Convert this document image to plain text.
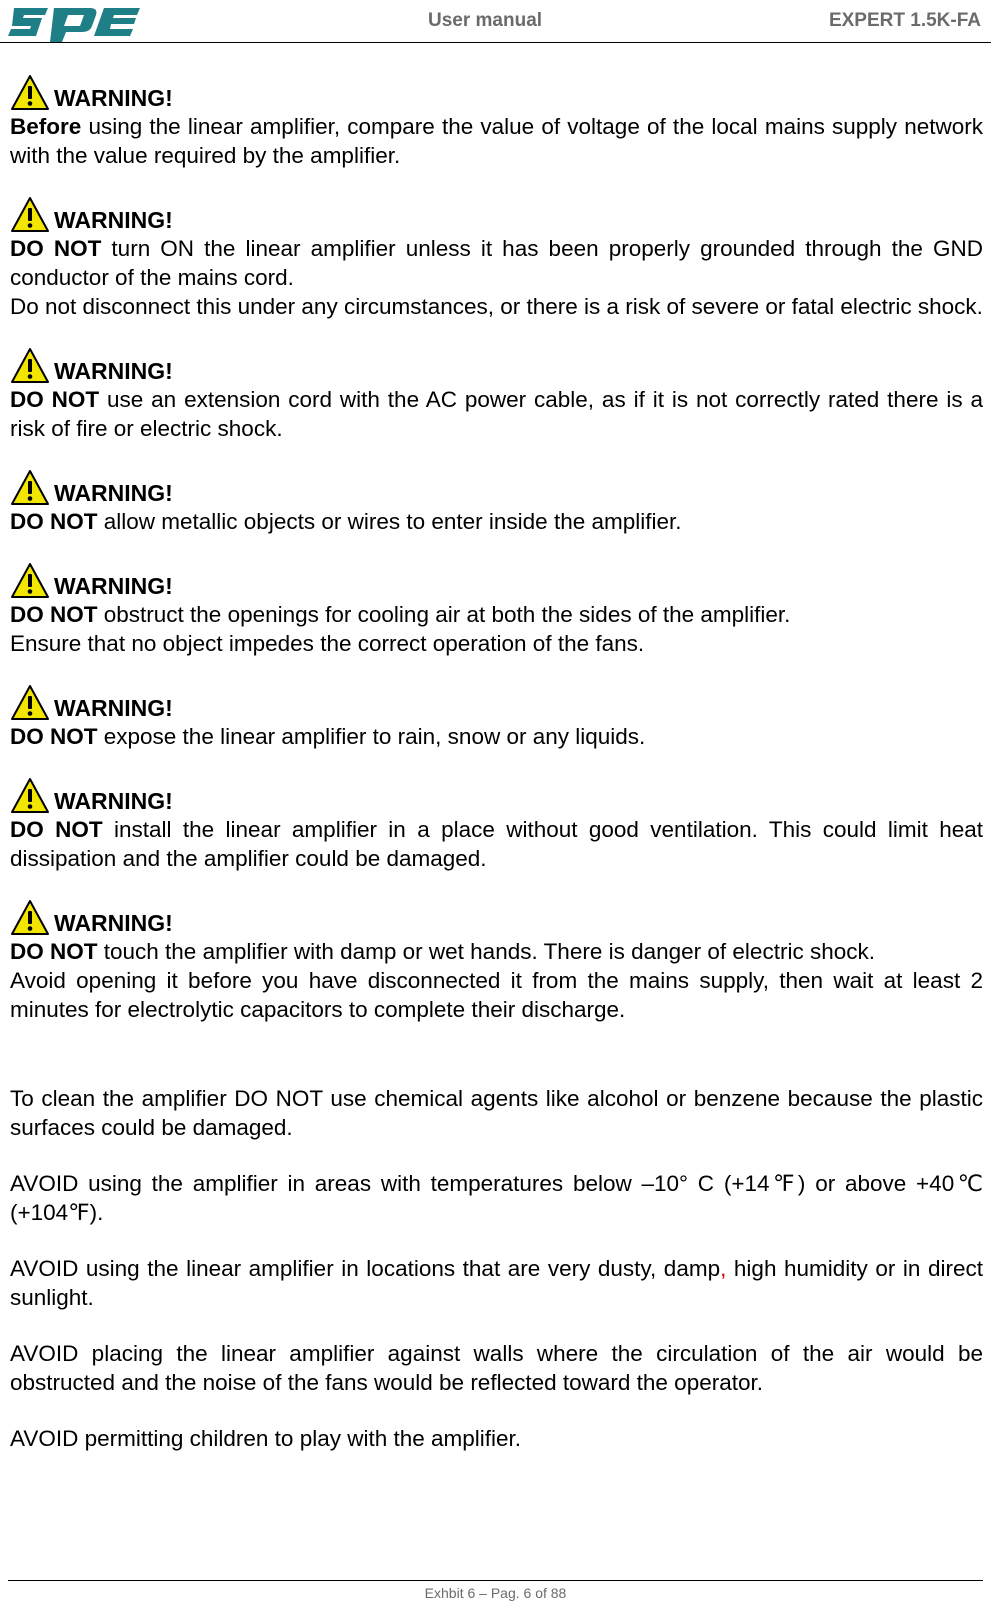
User manual	EXPERT 1.5K-FA
WARNING!

Before using the linear amplifier, compare the value of voltage of the local mains supply network with the value required by the amplifier.

WARNING!

DO NOT turn ON the linear amplifier unless it has been properly grounded through the GND conductor of the mains cord.

Do not disconnect this under any circumstances, or there is a risk of severe or fatal electric shock.

WARNING!

DO NOT use an extension cord with the AC power cable, as if it is not correctly rated there is a risk of fire or electric shock.

WARNING!

DO NOT allow metallic objects or wires to enter inside the amplifier.

WARNING!

DO NOT obstruct the openings for cooling air at both the sides of the amplifier.

Ensure that no object impedes the correct operation of the fans.

WARNING!

DO NOT expose the linear amplifier to rain, snow or any liquids.

WARNING!

DO NOT install the linear amplifier in a place without good ventilation. This could limit heat dissipation and the amplifier could be damaged.

WARNING!

DO NOT touch the amplifier with damp or wet hands. There is danger of electric shock.

Avoid opening it before you have disconnected it from the mains supply, then wait at least 2 minutes for electrolytic capacitors to complete their discharge.

To clean the amplifier DO NOT use chemical agents like alcohol or benzene because the plastic surfaces could be damaged.

AVOID using the amplifier in areas with temperatures below –10° C (+14℉) or above +40℃ (+104℉).

AVOID using the linear amplifier in locations that are very dusty, damp, high humidity or in direct sunlight.

AVOID placing the linear amplifier against walls where the circulation of the air would be obstructed and the noise of the fans would be reflected toward the operator.

AVOID permitting children to play with the amplifier.

Exhbit 6 – Pag. 6 of 88
